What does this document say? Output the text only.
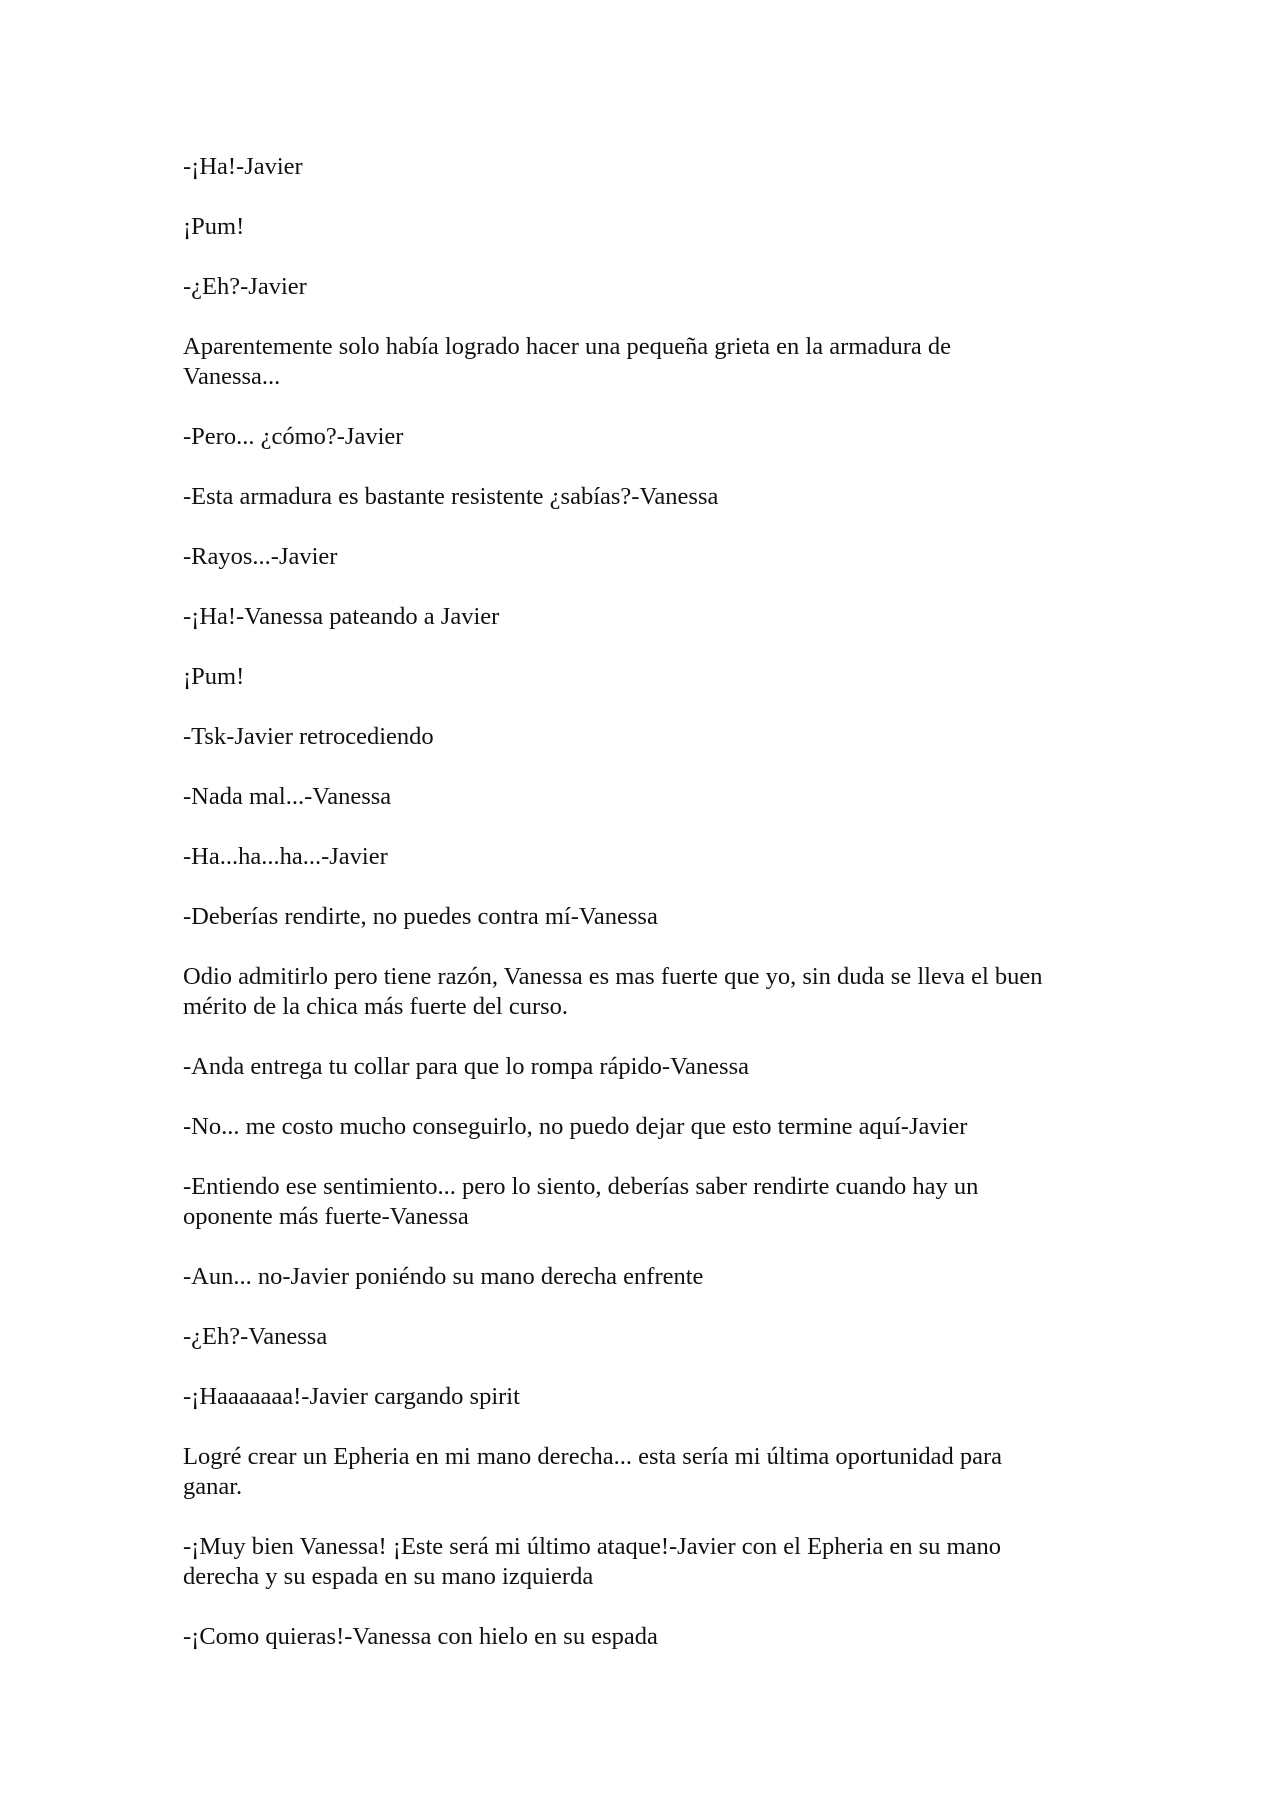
-¡Ha!-Javier

¡Pum!

-¿Eh?-Javier

Aparentemente solo había logrado hacer una pequeña grieta en la armadura de
Vanessa...

-Pero... ¿cómo?-Javier

-Esta armadura es bastante resistente ¿sabías?-Vanessa

-Rayos...-Javier

-¡Ha!-Vanessa pateando a Javier

¡Pum!

-Tsk-Javier retrocediendo

-Nada mal...-Vanessa

-Ha...ha...ha...-Javier

-Deberías rendirte, no puedes contra mí-Vanessa

Odio admitirlo pero tiene razón, Vanessa es mas fuerte que yo, sin duda se lleva el buen
mérito de la chica más fuerte del curso.

-Anda entrega tu collar para que lo rompa rápido-Vanessa

-No... me costo mucho conseguirlo, no puedo dejar que esto termine aquí-Javier

-Entiendo ese sentimiento... pero lo siento, deberías saber rendirte cuando hay un
oponente más fuerte-Vanessa

-Aun... no-Javier poniéndo su mano derecha enfrente

-¿Eh?-Vanessa

-¡Haaaaaaa!-Javier cargando spirit

Logré crear un Epheria en mi mano derecha... esta sería mi última oportunidad para
ganar.

-¡Muy bien Vanessa! ¡Este será mi último ataque!-Javier con el Epheria en su mano
derecha y su espada en su mano izquierda

-¡Como quieras!-Vanessa con hielo en su espada
